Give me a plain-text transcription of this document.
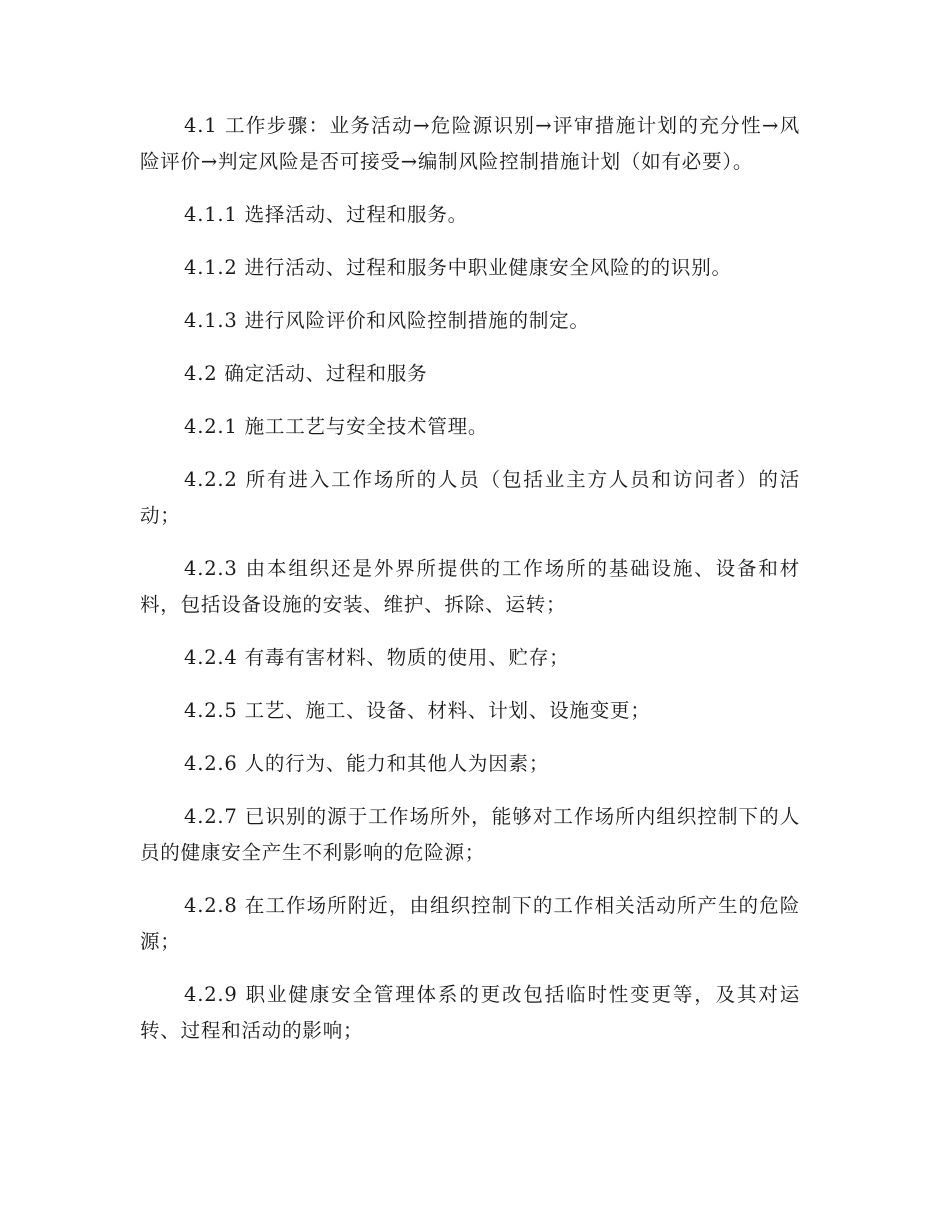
4.1 工作步骤：业务活动→危险源识别→评审措施计划的充分性→风险评价→判定风险是否可接受→编制风险控制措施计划（如有必要）。

4.1.1 选择活动、过程和服务。

4.1.2 进行活动、过程和服务中职业健康安全风险的的识别。

4.1.3 进行风险评价和风险控制措施的制定。

4.2 确定活动、过程和服务

4.2.1 施工工艺与安全技术管理。

4.2.2 所有进入工作场所的人员（包括业主方人员和访问者）的活动；

4.2.3 由本组织还是外界所提供的工作场所的基础设施、设备和材料，包括设备设施的安装、维护、拆除、运转；

4.2.4 有毒有害材料、物质的使用、贮存；

4.2.5 工艺、施工、设备、材料、计划、设施变更；

4.2.6 人的行为、能力和其他人为因素；

4.2.7 已识别的源于工作场所外，能够对工作场所内组织控制下的人员的健康安全产生不利影响的危险源；

4.2.8 在工作场所附近，由组织控制下的工作相关活动所产生的危险源；

4.2.9 职业健康安全管理体系的更改包括临时性变更等，及其对运转、过程和活动的影响；
